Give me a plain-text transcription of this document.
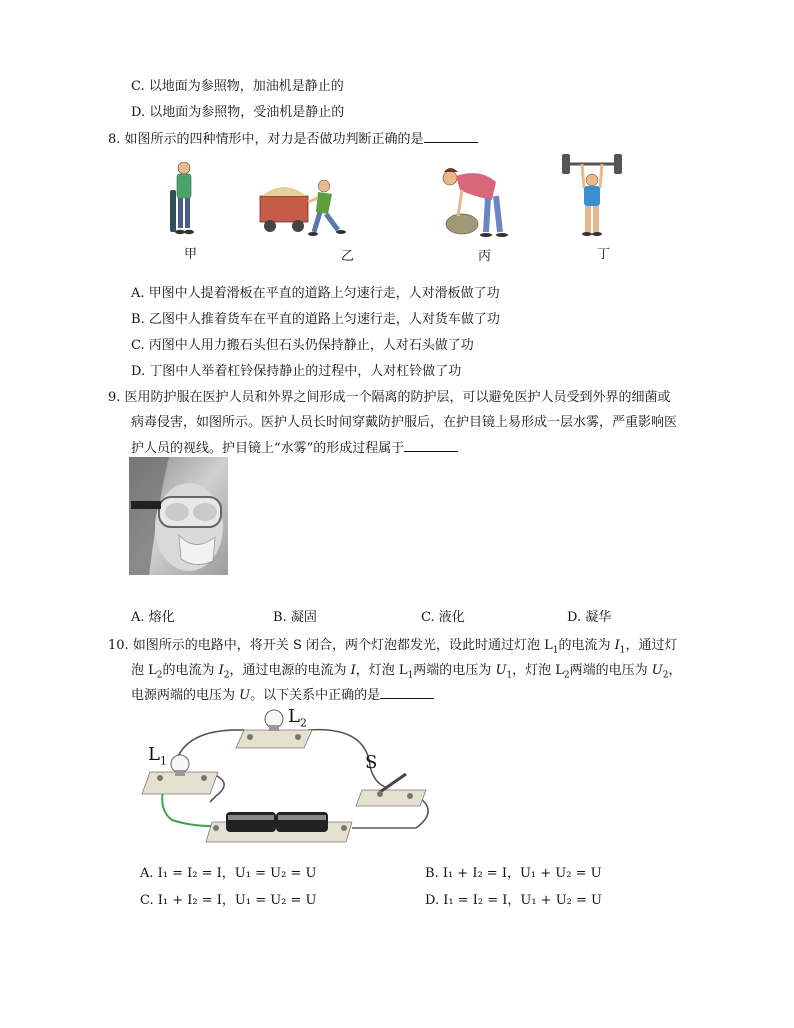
C. 以地面为参照物，加油机是静止的
D. 以地面为参照物，受油机是静止的
8. 如图所示的四种情形中，对力是否做功判断正确的是
甲	乙	丙	丁
A. 甲图中人提着滑板在平直的道路上匀速行走，人对滑板做了功
B. 乙图中人推着货车在平直的道路上匀速行走，人对货车做了功
C. 丙图中人用力搬石头但石头仍保持静止，人对石头做了功
D. 丁图中人举着杠铃保持静止的过程中，人对杠铃做了功
9. 医用防护服在医护人员和外界之间形成一个隔离的防护层，可以避免医护人员受到外界的细菌或
病毒侵害，如图所示。医护人员长时间穿戴防护服后，在护目镜上易形成一层水雾，严重影响医
护人员的视线。护目镜上“水雾”的形成过程属于
A. 熔化	B. 凝固	C. 液化	D. 凝华
10. 如图所示的电路中，将开关 S 闭合，两个灯泡都发光，设此时通过灯泡 $L_1$的电流为 $I_1$，通过灯
泡 $L_2$的电流为 $I_2$，通过电源的电流为 I，灯泡 $L_1$两端的电压为 $U_1$，灯泡 $L_2$两端的电压为 $U_2$，
电源两端的电压为 U。以下关系中正确的是
$L_1$
$L_2$
S
A. I₁ = I₂ = I，U₁ = U₂ = U	B. I₁ + I₂ = I，U₁ + U₂ = U
C. I₁ + I₂ = I，U₁ = U₂ = U	D. I₁ = I₂ = I，U₁ + U₂ = U
